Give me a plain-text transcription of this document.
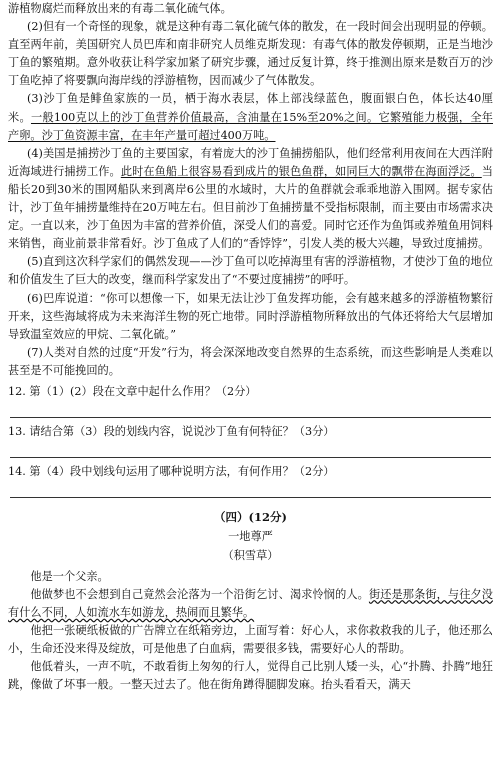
游植物腐烂而释放出来的有毒二氧化硫气体。

(2)但有一个奇怪的现象，就是这种有毒二氧化硫气体的散发，在一段时间会出现明显的停顿。直至两年前，美国研究人员巴库和南非研究人员维克斯发现：有毒气体的散发停顿期，正是当地沙丁鱼的繁殖期。意外收获让科学家加紧了研究步骤，通过反复计算，终于推测出原来是数百万的沙丁鱼吃掉了将要飘向海岸线的浮游植物，因而减少了气体散发。

(3)沙丁鱼是鲱鱼家族的一员，栖于海水表层，体上部浅绿蓝色，腹面银白色，体长达40厘米。一般100克以上的沙丁鱼营养价值最高，含油量在15%至20%之间。它繁殖能力极强，全年产卵。沙丁鱼资源丰富，在丰年产量可超过400万吨。

(4)美国是捕捞沙丁鱼的主要国家，有着庞大的沙丁鱼捕捞船队，他们经常利用夜间在大西洋附近海域进行捕捞工作。此时在鱼船上很容易看到成片的银色鱼群，如同巨大的飘带在海面浮泛。当船长20到30米的围网船队来到离岸6公里的水域时，大片的鱼群就会乖乖地游入围网。据专家估计，沙丁鱼年捕捞量维持在20万吨左右。但目前沙丁鱼捕捞量不受指标限制，而主要由市场需求决定。一直以来，沙丁鱼因为丰富的营养价值，深受人们的喜爱。同时它还作为鱼饵或养殖鱼用饲料来销售，商业前景非常看好。沙丁鱼成了人们的“香饽饽”，引发人类的极大兴趣，导致过度捕捞。

(5)直到这次科学家们的偶然发现——沙丁鱼可以吃掉海里有害的浮游植物，才使沙丁鱼的地位和价值发生了巨大的改变，继而科学家发出了“不要过度捕捞”的呼吁。

(6)巴库说道：“你可以想像一下，如果无法让沙丁鱼发挥功能，会有越来越多的浮游植物繁衍开来，这些海域将成为未来海洋生物的死亡地带。同时浮游植物所释放出的气体还将给大气层增加导致温室效应的甲烷、二氧化硫。”

(7)人类对自然的过度“开发”行为，将会深深地改变自然界的生态系统，而这些影响是人类难以甚至是不可能挽回的。

12. 第（1）(2）段在文章中起什么作用？（2分）

13. 请结合第（3）段的划线内容，说说沙丁鱼有何特征？（3分）

14. 第（4）段中划线句运用了哪种说明方法，有何作用？（2分）

（四）(12分)
一地尊严
（积雪草）

他是一个父亲。

他做梦也不会想到自己竟然会沦落为一个沿街乞讨、渴求怜悯的人。街还是那条街，与往夕没有什么不同，人如流水车如游龙，热闹而且繁华。

他把一张硬纸板做的广告牌立在纸箱旁边，上面写着：好心人，求你救救我的儿子，他还那么小，生命还没来得及绽放，可是他患了白血病，需要很多钱，需要好心人的帮助。

他低着头，一声不吭，不敢看街上匆匆的行人，觉得自己比别人矮一头，心“扑腾、扑腾”地狂跳，像做了坏事一般。一整天过去了。他在街角蹲得腿脚发麻。抬头看看天，满天
